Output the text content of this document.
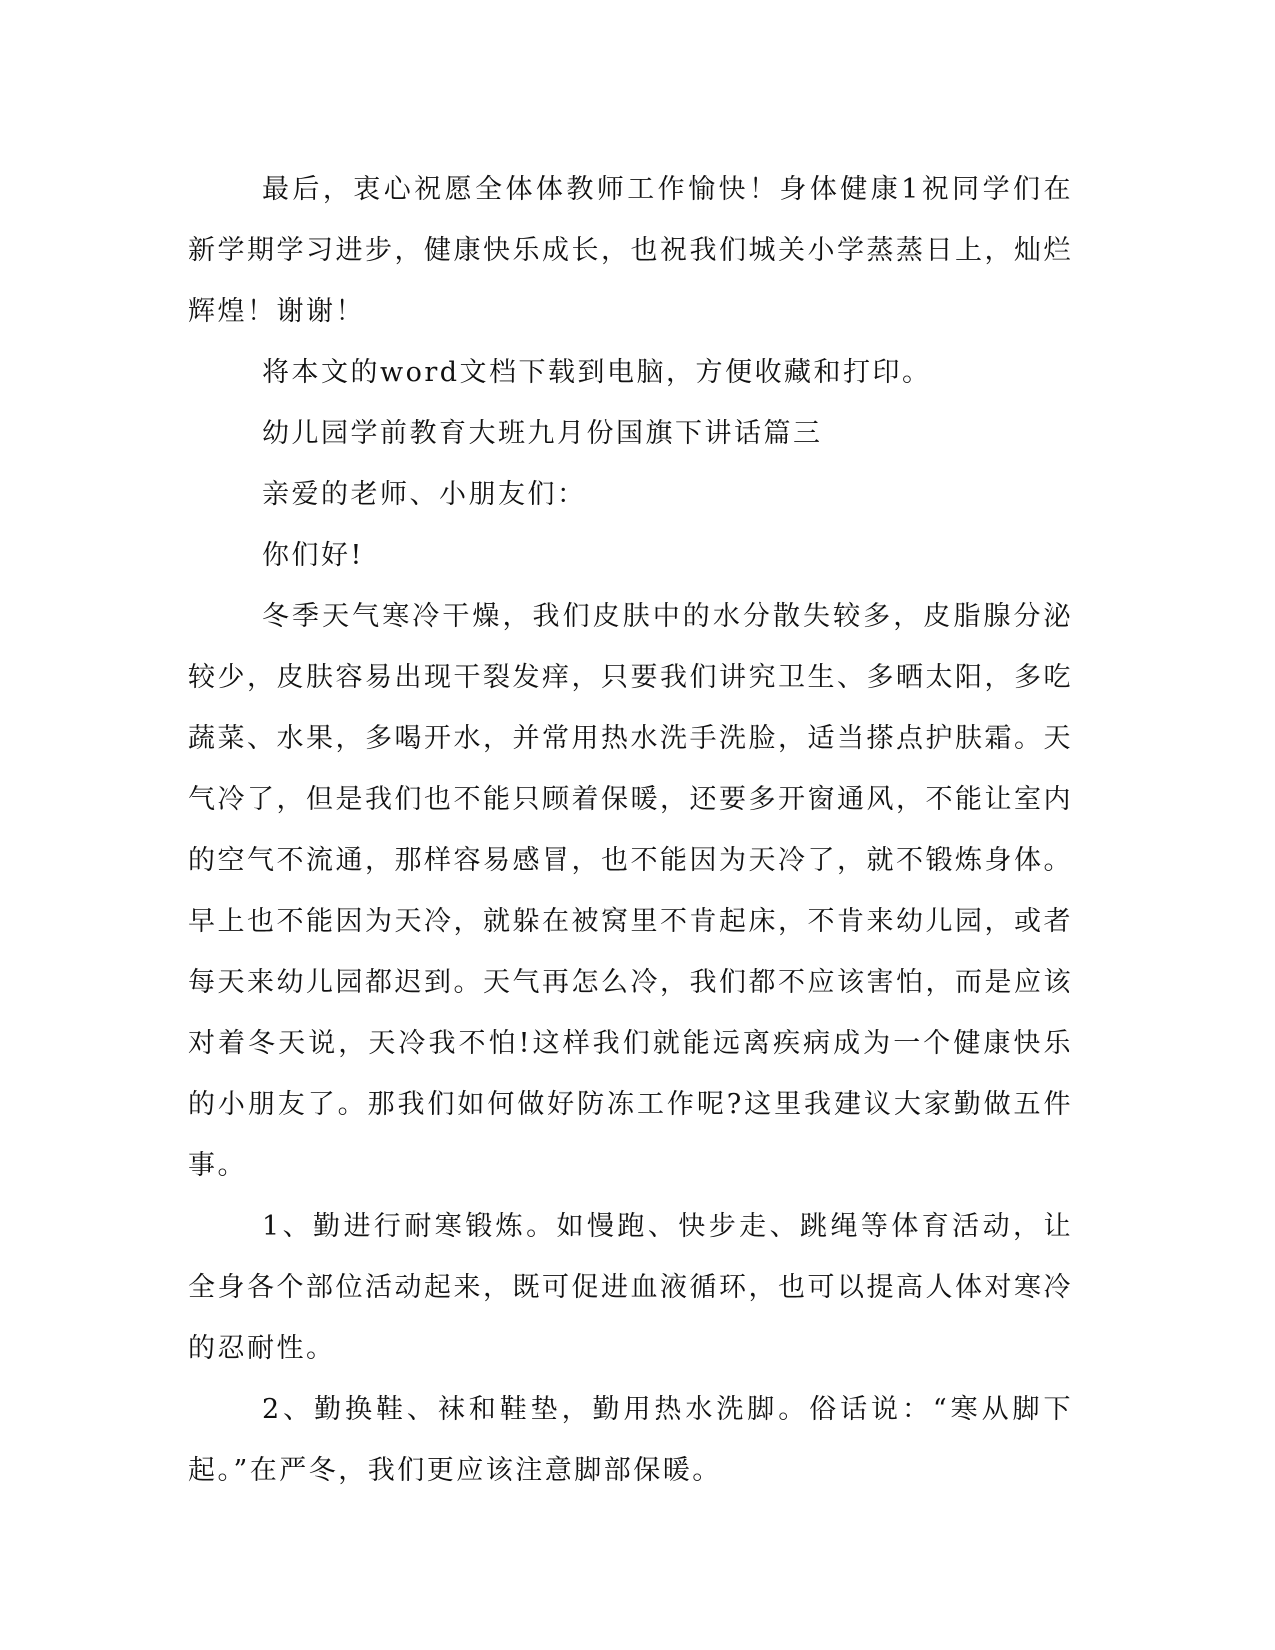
最后，衷心祝愿全体体教师工作愉快！身体健康1祝同学们在新学期学习进步，健康快乐成长，也祝我们城关小学蒸蒸日上，灿烂辉煌！谢谢！

将本文的word文档下载到电脑，方便收藏和打印。

幼儿园学前教育大班九月份国旗下讲话篇三

亲爱的老师、小朋友们：

你们好!

冬季天气寒冷干燥，我们皮肤中的水分散失较多，皮脂腺分泌较少，皮肤容易出现干裂发痒，只要我们讲究卫生、多晒太阳，多吃蔬菜、水果，多喝开水，并常用热水洗手洗脸，适当搽点护肤霜。天气冷了，但是我们也不能只顾着保暖，还要多开窗通风，不能让室内的空气不流通，那样容易感冒，也不能因为天冷了，就不锻炼身体。早上也不能因为天冷，就躲在被窝里不肯起床，不肯来幼儿园，或者每天来幼儿园都迟到。天气再怎么冷，我们都不应该害怕，而是应该对着冬天说，天冷我不怕!这样我们就能远离疾病成为一个健康快乐的小朋友了。那我们如何做好防冻工作呢?这里我建议大家勤做五件事。

1、勤进行耐寒锻炼。如慢跑、快步走、跳绳等体育活动，让全身各个部位活动起来，既可促进血液循环，也可以提高人体对寒冷的忍耐性。

2、勤换鞋、袜和鞋垫，勤用热水洗脚。俗话说：“寒从脚下起。”在严冬，我们更应该注意脚部保暖。
